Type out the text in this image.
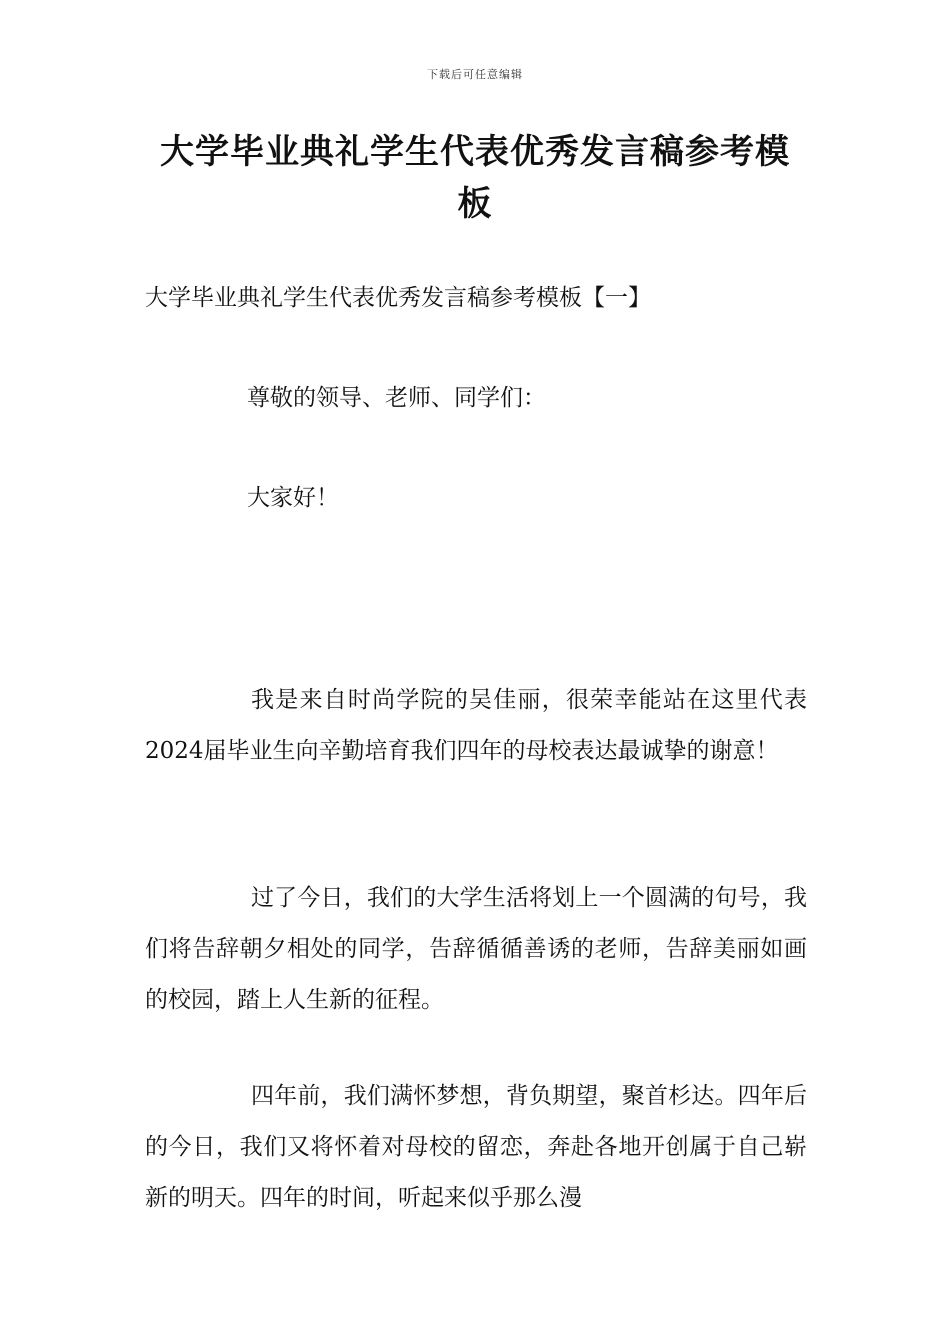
下载后可任意编辑
大学毕业典礼学生代表优秀发言稿参考模板
大学毕业典礼学生代表优秀发言稿参考模板【一】

尊敬的领导、老师、同学们：

大家好！

我是来自时尚学院的吴佳丽，很荣幸能站在这里代表2024届毕业生向辛勤培育我们四年的母校表达最诚挚的谢意！

过了今日，我们的大学生活将划上一个圆满的句号，我们将告辞朝夕相处的同学，告辞循循善诱的老师，告辞美丽如画的校园，踏上人生新的征程。

四年前，我们满怀梦想，背负期望，聚首杉达。四年后的今日，我们又将怀着对母校的留恋，奔赴各地开创属于自己崭新的明天。四年的时间，听起来似乎那么漫
